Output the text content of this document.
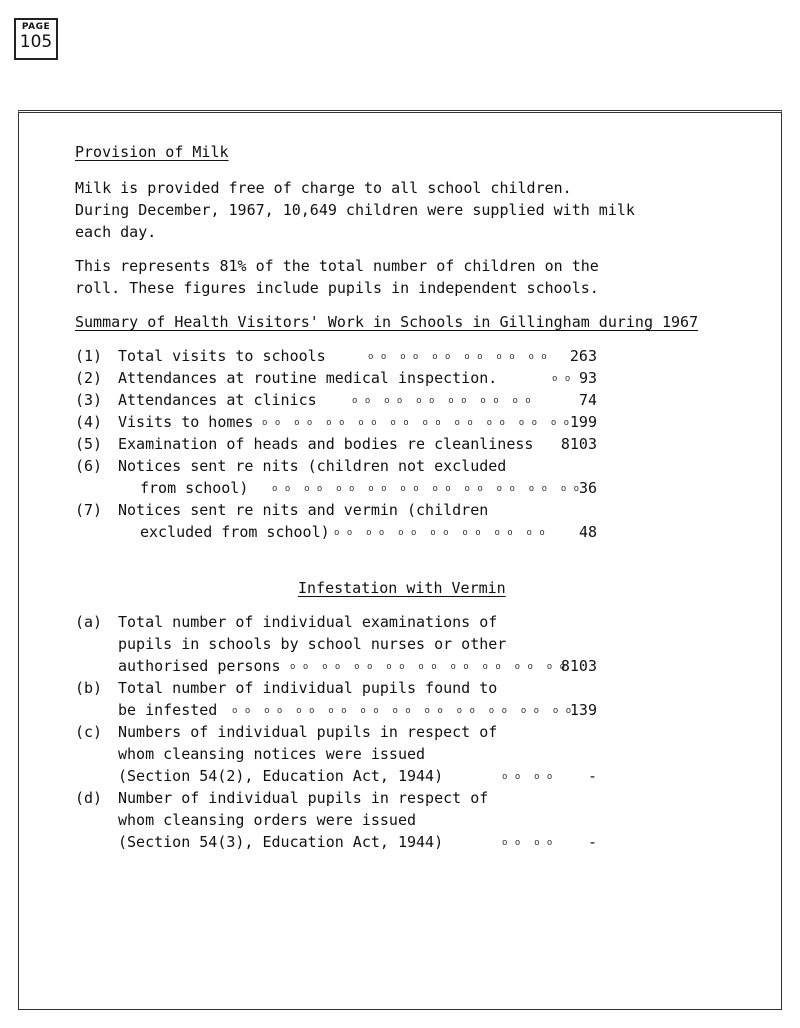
PAGE
105
Provision of Milk
Milk is provided free of charge to all school children.
During December, 1967, 10,649 children were supplied with milk
each day.
This represents 81% of the total number of children on the
roll. These figures include pupils in independent schools.
Summary of Health Visitors' Work in Schools in Gillingham during 1967
(1) Total visits to schools	o o  o o  o o  o o  o o  o o	263
(2) Attendances at routine medical inspection.	o o 93
(3) Attendances at clinics	o o  o o  o o  o o  o o  o o	74
(4) Visits to homes o o  o o  o o  o o  o o  o o  o o  o o  o o  o o 199
(5) Examination of heads and bodies re cleanliness	8103
(6) Notices sent re nits (children not excluded
from school)	o o  o o  o o  o o  o o  o o  o o  o o  o o  o o
36
(7) Notices sent re nits and vermin (children
excluded from school) o o  o o  o o  o o  o o  o o  o o	48
Infestation with Vermin
(a) Total number of individual examinations of
pupils in schools by school nurses or other
authorised persons o o  o o  o o  o o  o o  o o  o o  o o  o o
8103
(b) Total number of individual pupils found to
be infested o o  o o  o o  o o  o o  o o  o o  o o  o o  o o  o o
139
(c) Numbers of individual pupils in respect of
whom cleansing notices were issued
(Section 54(2), Education Act, 1944)	o o  o o	-
(d) Number of individual pupils in respect of
whom cleansing orders were issued
(Section 54(3), Education Act, 1944)	o o  o o	-
